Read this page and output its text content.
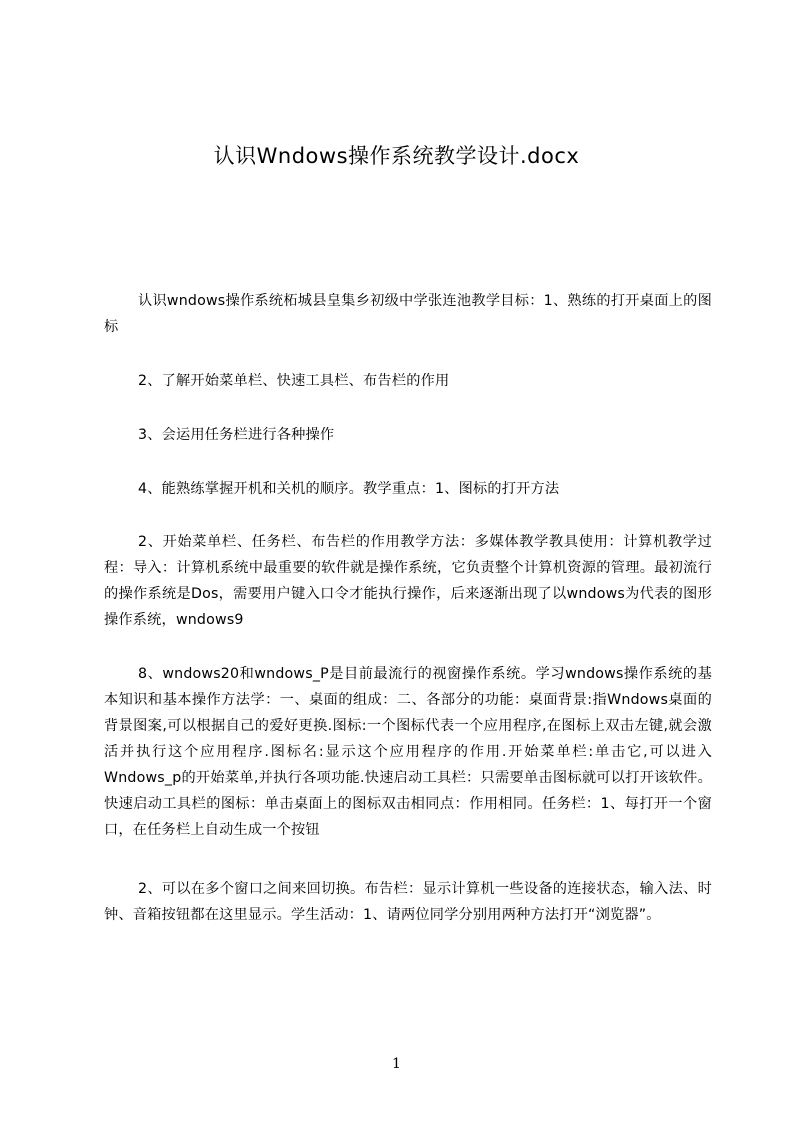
认识Wndows操作系统教学设计.docx

认识wndows操作系统柘城县皇集乡初级中学张连池教学目标：1、熟练的打开桌面上的图标

2、了解开始菜单栏、快速工具栏、布告栏的作用

3、会运用任务栏进行各种操作

4、能熟练掌握开机和关机的顺序。教学重点：1、图标的打开方法

2、开始菜单栏、任务栏、布告栏的作用教学方法：多媒体教学教具使用：计算机教学过程：导入：计算机系统中最重要的软件就是操作系统，它负责整个计算机资源的管理。最初流行的操作系统是Dos，需要用户键入口令才能执行操作，后来逐渐出现了以wndows为代表的图形操作系统，wndows9

8、wndows20和wndows_P是目前最流行的视窗操作系统。学习wndows操作系统的基本知识和基本操作方法学：一、桌面的组成：二、各部分的功能：桌面背景:指Wndows桌面的背景图案,可以根据自己的爱好更换.图标:一个图标代表一个应用程序,在图标上双击左键,就会激活并执行这个应用程序.图标名:显示这个应用程序的作用.开始菜单栏:单击它,可以进入Wndows_p的开始菜单,并执行各项功能.快速启动工具栏：只需要单击图标就可以打开该软件。快速启动工具栏的图标：单击桌面上的图标双击相同点：作用相同。任务栏：1、每打开一个窗口，在任务栏上自动生成一个按钮

2、可以在多个窗口之间来回切换。布告栏：显示计算机一些设备的连接状态，输入法、时钟、音箱按钮都在这里显示。学生活动：1、请两位同学分别用两种方法打开“浏览器”。

1
